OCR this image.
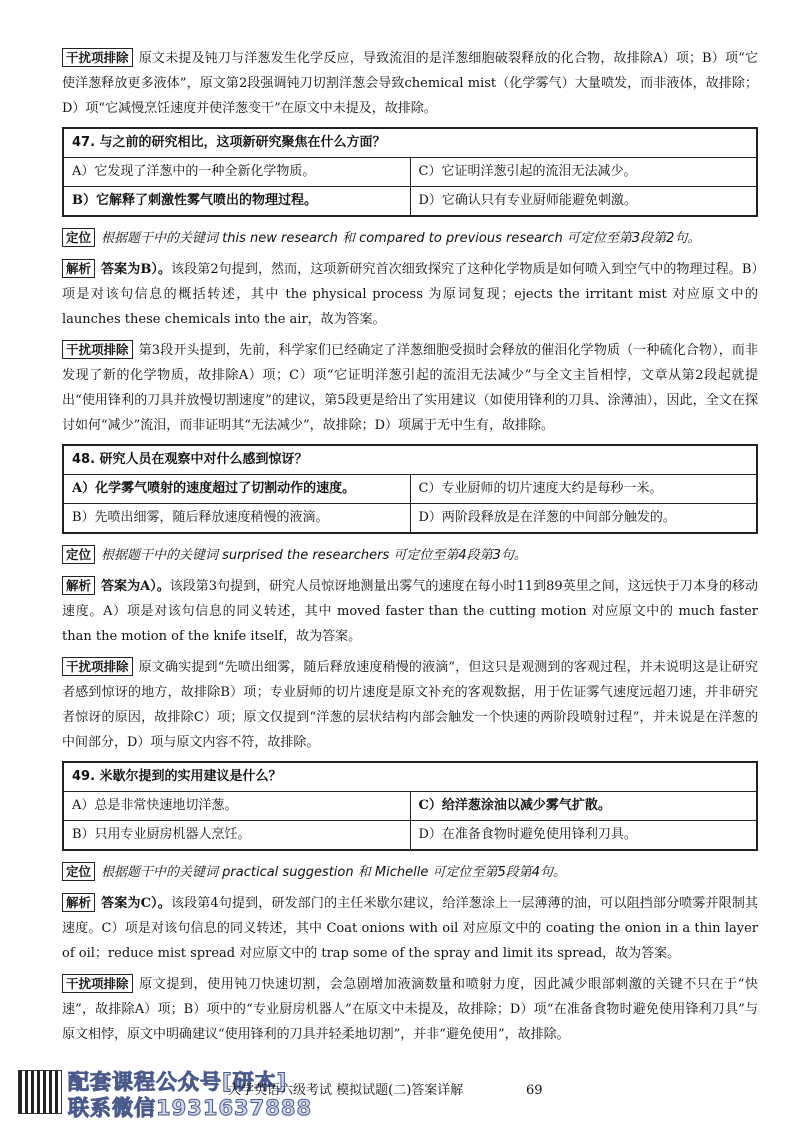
干扰项排除 原文未提及钝刀与洋葱发生化学反应，导致流泪的是洋葱细胞破裂释放的化合物，故排除A）项；B）项“它使洋葱释放更多液体”，原文第2段强调钝刀切割洋葱会导致chemical mist（化学雾气）大量喷发，而非液体，故排除；D）项“它减慢烹饪速度并使洋葱变干”在原文中未提及，故排除。

47. 与之前的研究相比，这项新研究聚焦在什么方面？	
A）它发现了洋葱中的一种全新化学物质。	C）它证明洋葱引起的流泪无法减少。
B）它解释了刺激性雾气喷出的物理过程。	D）它确认只有专业厨师能避免刺激。

定位 根据题干中的关键词 this new research 和 compared to previous research 可定位至第3段第2句。

解析 答案为B）。该段第2句提到，然而，这项新研究首次细致探究了这种化学物质是如何喷入到空气中的物理过程。B）项是对该句信息的概括转述，其中 the physical process 为原词复现；ejects the irritant mist 对应原文中的 launches these chemicals into the air，故为答案。

干扰项排除 第3段开头提到，先前，科学家们已经确定了洋葱细胞受损时会释放的催泪化学物质（一种硫化合物），而非发现了新的化学物质，故排除A）项；C）项“它证明洋葱引起的流泪无法减少”与全文主旨相悖，文章从第2段起就提出“使用锋利的刀具并放慢切割速度”的建议，第5段更是给出了实用建议（如使用锋利的刀具、涂薄油），因此，全文在探讨如何“减少”流泪，而非证明其“无法减少”，故排除；D）项属于无中生有，故排除。

48. 研究人员在观察中对什么感到惊讶？	
A）化学雾气喷射的速度超过了切割动作的速度。	C）专业厨师的切片速度大约是每秒一米。
B）先喷出细雾，随后释放速度稍慢的液滴。	D）两阶段释放是在洋葱的中间部分触发的。

定位 根据题干中的关键词 surprised the researchers 可定位至第4段第3句。

解析 答案为A）。该段第3句提到，研究人员惊讶地测量出雾气的速度在每小时11到89英里之间，这远快于刀本身的移动速度。A）项是对该句信息的同义转述，其中 moved faster than the cutting motion 对应原文中的 much faster than the motion of the knife itself，故为答案。

干扰项排除 原文确实提到“先喷出细雾，随后释放速度稍慢的液滴”，但这只是观测到的客观过程，并未说明这是让研究者感到惊讶的地方，故排除B）项；专业厨师的切片速度是原文补充的客观数据，用于佐证雾气速度远超刀速，并非研究者惊讶的原因，故排除C）项；原文仅提到“洋葱的层状结构内部会触发一个快速的两阶段喷射过程”，并未说是在洋葱的中间部分，D）项与原文内容不符，故排除。

49. 米歇尔提到的实用建议是什么？	
A）总是非常快速地切洋葱。	C）给洋葱涂油以减少雾气扩散。
B）只用专业厨房机器人烹饪。	D）在准备食物时避免使用锋利刀具。

定位 根据题干中的关键词 practical suggestion 和 Michelle 可定位至第5段第4句。

解析 答案为C）。该段第4句提到，研发部门的主任米歇尔建议，给洋葱涂上一层薄薄的油，可以阻挡部分喷雾并限制其速度。C）项是对该句信息的同义转述，其中 Coat onions with oil 对应原文中的 coating the onion in a thin layer of oil；reduce mist spread 对应原文中的 trap some of the spray and limit its spread，故为答案。

干扰项排除 原文提到，使用钝刀快速切割，会急剧增加液滴数量和喷射力度，因此减少眼部刺激的关键不只在于“快速”，故排除A）项；B）项中的“专业厨房机器人”在原文中未提及，故排除；D）项“在准备食物时避免使用锋利刀具”与原文相悖，原文中明确建议“使用锋利的刀具并轻柔地切割”，并非“避免使用”，故排除。

配套课程公众号[研本]
联系微信1931637888
大学英语六级考试 模拟试题(二)答案详解	69
